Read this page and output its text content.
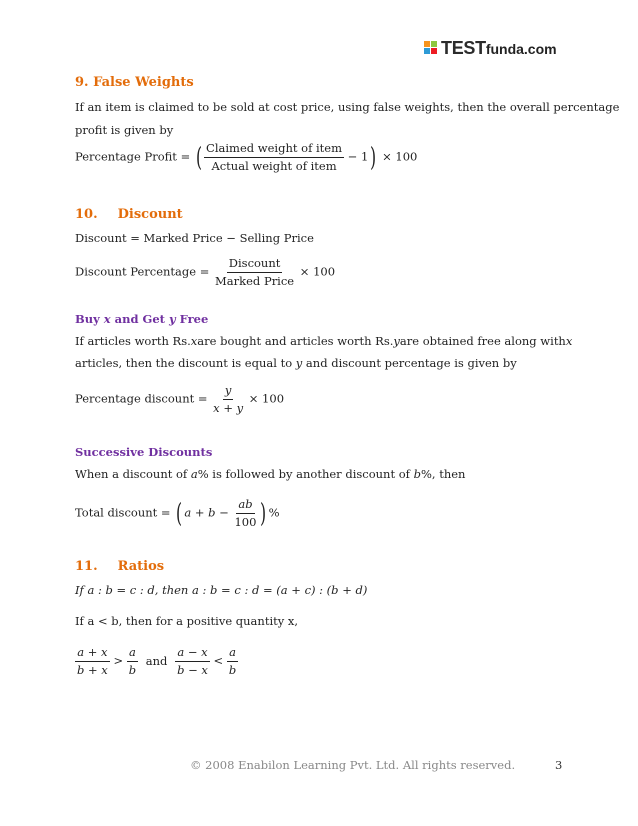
TESTfunda.com
9. False Weights
If an item is claimed to be sold at cost price, using false weights, then the overall percentage
profit is given by
Percentage Profit = ( $\frac{\text{Claimed weight of item}}{\text{Actual weight of item}} - 1) \times 100$
10. Discount
Discount = Marked Price − Selling Price
Discount Percentage = $\frac{\text{Discount}}{\text{Marked Price}} \times 100$
Buy x and Get y Free
If articles worth Rs. x are bought and articles worth Rs. y are obtained free along with x
articles, then the discount is equal to y and discount percentage is given by
Percentage discount = $\frac{y}{x + y} \times 100$
Successive Discounts
When a discount of a% is followed by another discount of b%, then
Total discount = ( $a + b - \frac{ab}{100}$ ) %
11. Ratios
If a : b = c : d, then a : b = c : d = (a + c) : (b + d)
If a < b, then for a positive quantity x,
$\frac{a + x}{b + x} > \frac{a}{b}$ and $\frac{a - x}{b - x} < \frac{a}{b}$
© 2008 Enabilon Learning Pvt. Ltd. All rights reserved.	3
